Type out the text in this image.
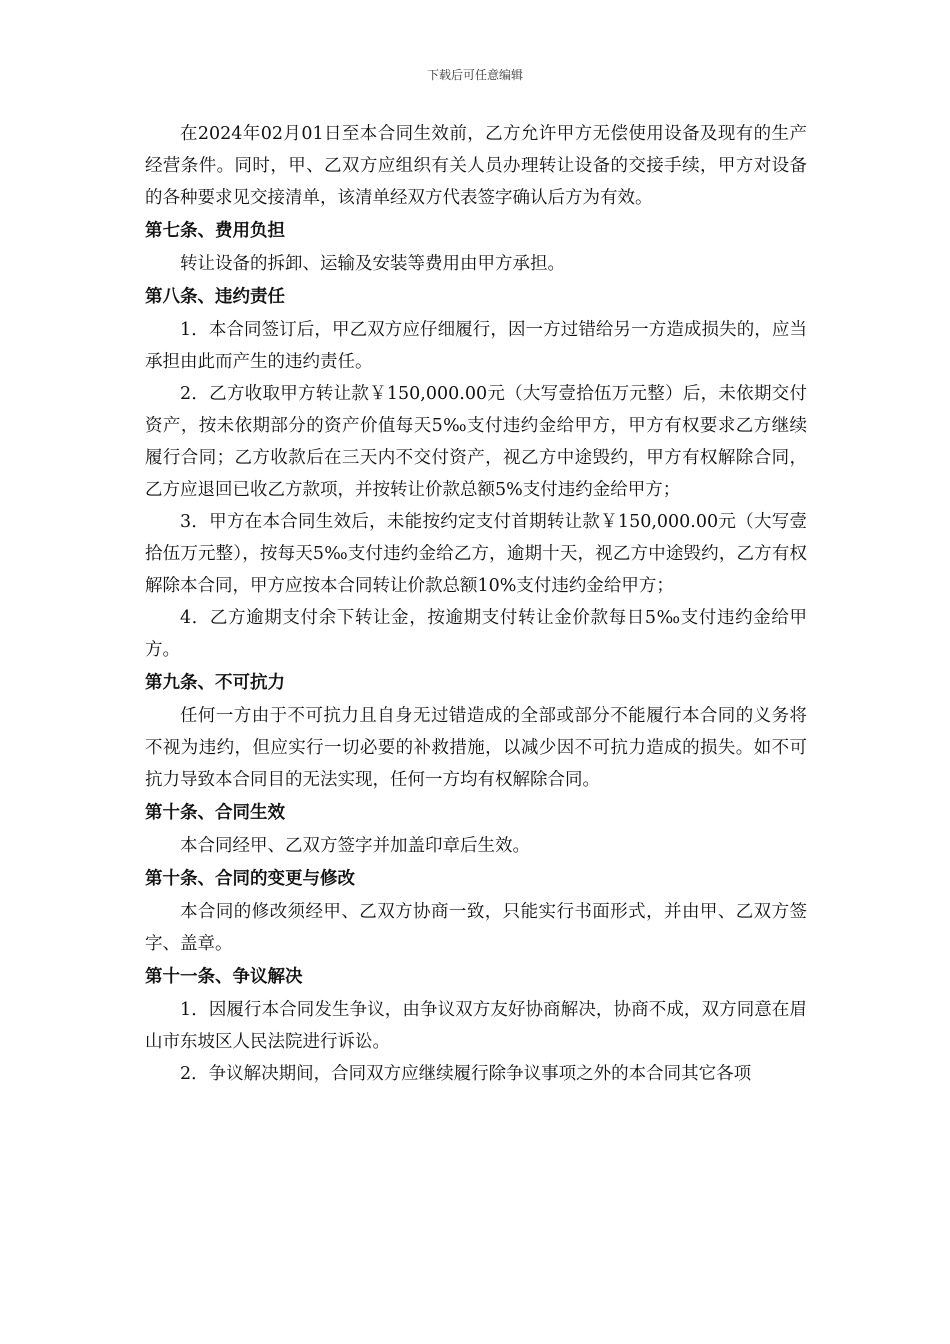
下载后可任意编辑

在2024年02月01日至本合同生效前，乙方允许甲方无偿使用设备及现有的生产经营条件。同时，甲、乙双方应组织有关人员办理转让设备的交接手续，甲方对设备的各种要求见交接清单，该清单经双方代表签字确认后方为有效。

第七条、费用负担

转让设备的拆卸、运输及安装等费用由甲方承担。

第八条、违约责任

1．本合同签订后，甲乙双方应仔细履行，因一方过错给另一方造成损失的，应当承担由此而产生的违约责任。

2．乙方收取甲方转让款￥150,000.00元（大写壹拾伍万元整）后，未依期交付资产，按未依期部分的资产价值每天5‰支付违约金给甲方，甲方有权要求乙方继续履行合同；乙方收款后在三天内不交付资产，视乙方中途毁约，甲方有权解除合同，乙方应退回已收乙方款项，并按转让价款总额5%支付违约金给甲方；

3．甲方在本合同生效后，未能按约定支付首期转让款￥150,000.00元（大写壹拾伍万元整），按每天5‰支付违约金给乙方，逾期十天，视乙方中途毁约，乙方有权解除本合同，甲方应按本合同转让价款总额10%支付违约金给甲方；

4．乙方逾期支付余下转让金，按逾期支付转让金价款每日5‰支付违约金给甲方。

第九条、不可抗力

任何一方由于不可抗力且自身无过错造成的全部或部分不能履行本合同的义务将不视为违约，但应实行一切必要的补救措施，以减少因不可抗力造成的损失。如不可抗力导致本合同目的无法实现，任何一方均有权解除合同。

第十条、合同生效

本合同经甲、乙双方签字并加盖印章后生效。

第十条、合同的变更与修改

本合同的修改须经甲、乙双方协商一致，只能实行书面形式，并由甲、乙双方签字、盖章。

第十一条、争议解决

1．因履行本合同发生争议，由争议双方友好协商解决，协商不成，双方同意在眉山市东坡区人民法院进行诉讼。

2．争议解决期间，合同双方应继续履行除争议事项之外的本合同其它各项
